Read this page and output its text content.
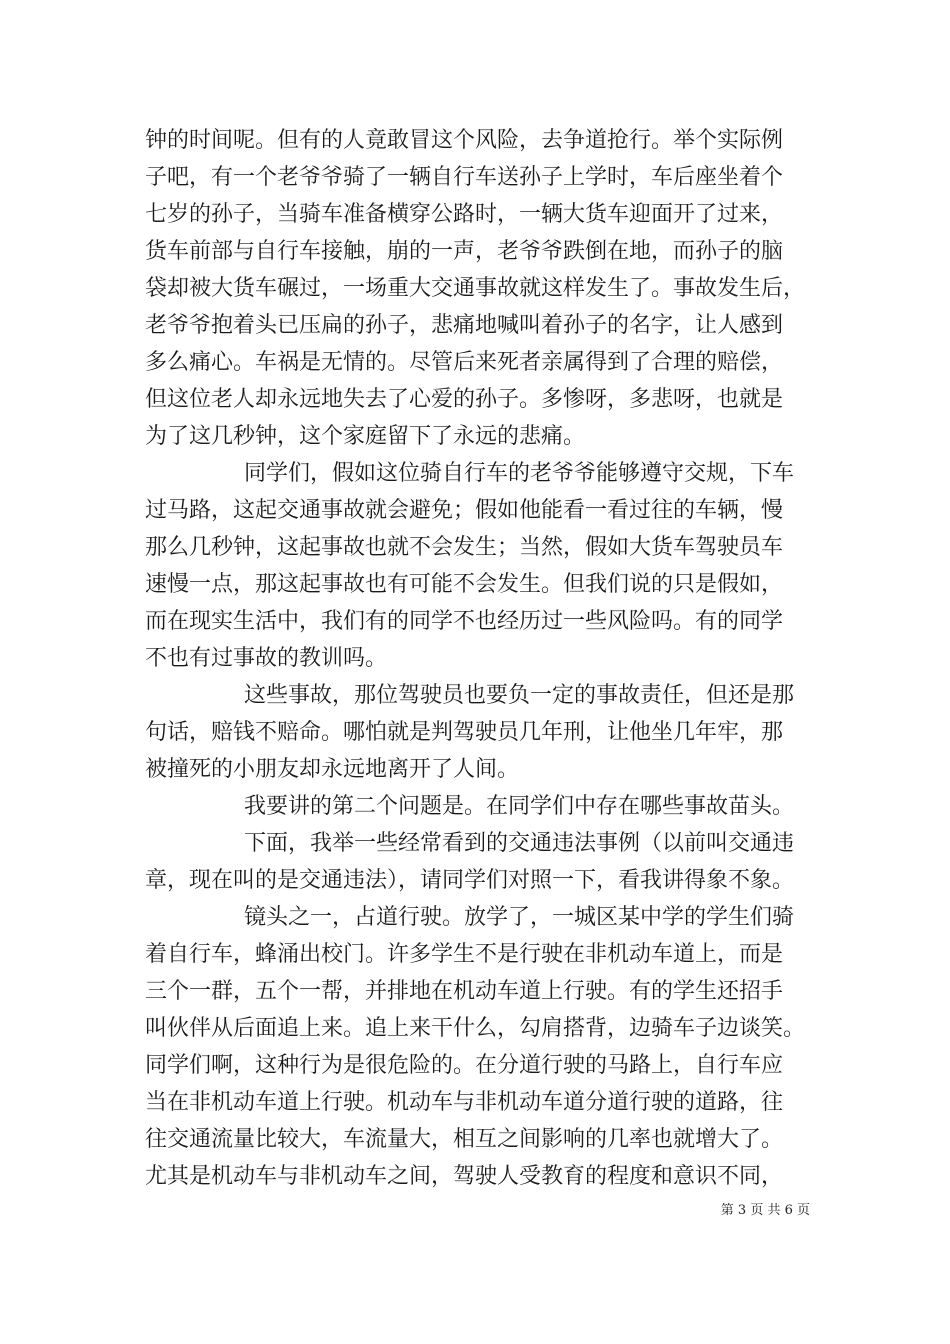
钟的时间呢。但有的人竟敢冒这个风险，去争道抢行。举个实际例
子吧，有一个老爷爷骑了一辆自行车送孙子上学时，车后座坐着个
七岁的孙子，当骑车准备横穿公路时，一辆大货车迎面开了过来，
货车前部与自行车接触，崩的一声，老爷爷跌倒在地，而孙子的脑
袋却被大货车碾过，一场重大交通事故就这样发生了。事故发生后，
老爷爷抱着头已压扁的孙子，悲痛地喊叫着孙子的名字，让人感到
多么痛心。车祸是无情的。尽管后来死者亲属得到了合理的赔偿，
但这位老人却永远地失去了心爱的孙子。多惨呀，多悲呀，也就是
为了这几秒钟，这个家庭留下了永远的悲痛。
同学们，假如这位骑自行车的老爷爷能够遵守交规，下车
过马路，这起交通事故就会避免；假如他能看一看过往的车辆，慢
那么几秒钟，这起事故也就不会发生；当然，假如大货车驾驶员车
速慢一点，那这起事故也有可能不会发生。但我们说的只是假如，
而在现实生活中，我们有的同学不也经历过一些风险吗。有的同学
不也有过事故的教训吗。
这些事故，那位驾驶员也要负一定的事故责任，但还是那
句话，赔钱不赔命。哪怕就是判驾驶员几年刑，让他坐几年牢，那
被撞死的小朋友却永远地离开了人间。
我要讲的第二个问题是。在同学们中存在哪些事故苗头。
下面，我举一些经常看到的交通违法事例（以前叫交通违
章，现在叫的是交通违法），请同学们对照一下，看我讲得象不象。
镜头之一，占道行驶。放学了，一城区某中学的学生们骑
着自行车，蜂涌出校门。许多学生不是行驶在非机动车道上，而是
三个一群，五个一帮，并排地在机动车道上行驶。有的学生还招手
叫伙伴从后面追上来。追上来干什么，勾肩搭背，边骑车子边谈笑。
同学们啊，这种行为是很危险的。在分道行驶的马路上，自行车应
当在非机动车道上行驶。机动车与非机动车道分道行驶的道路，往
往交通流量比较大，车流量大，相互之间影响的几率也就增大了。
尤其是机动车与非机动车之间，驾驶人受教育的程度和意识不同，
第 3 页 共 6 页
